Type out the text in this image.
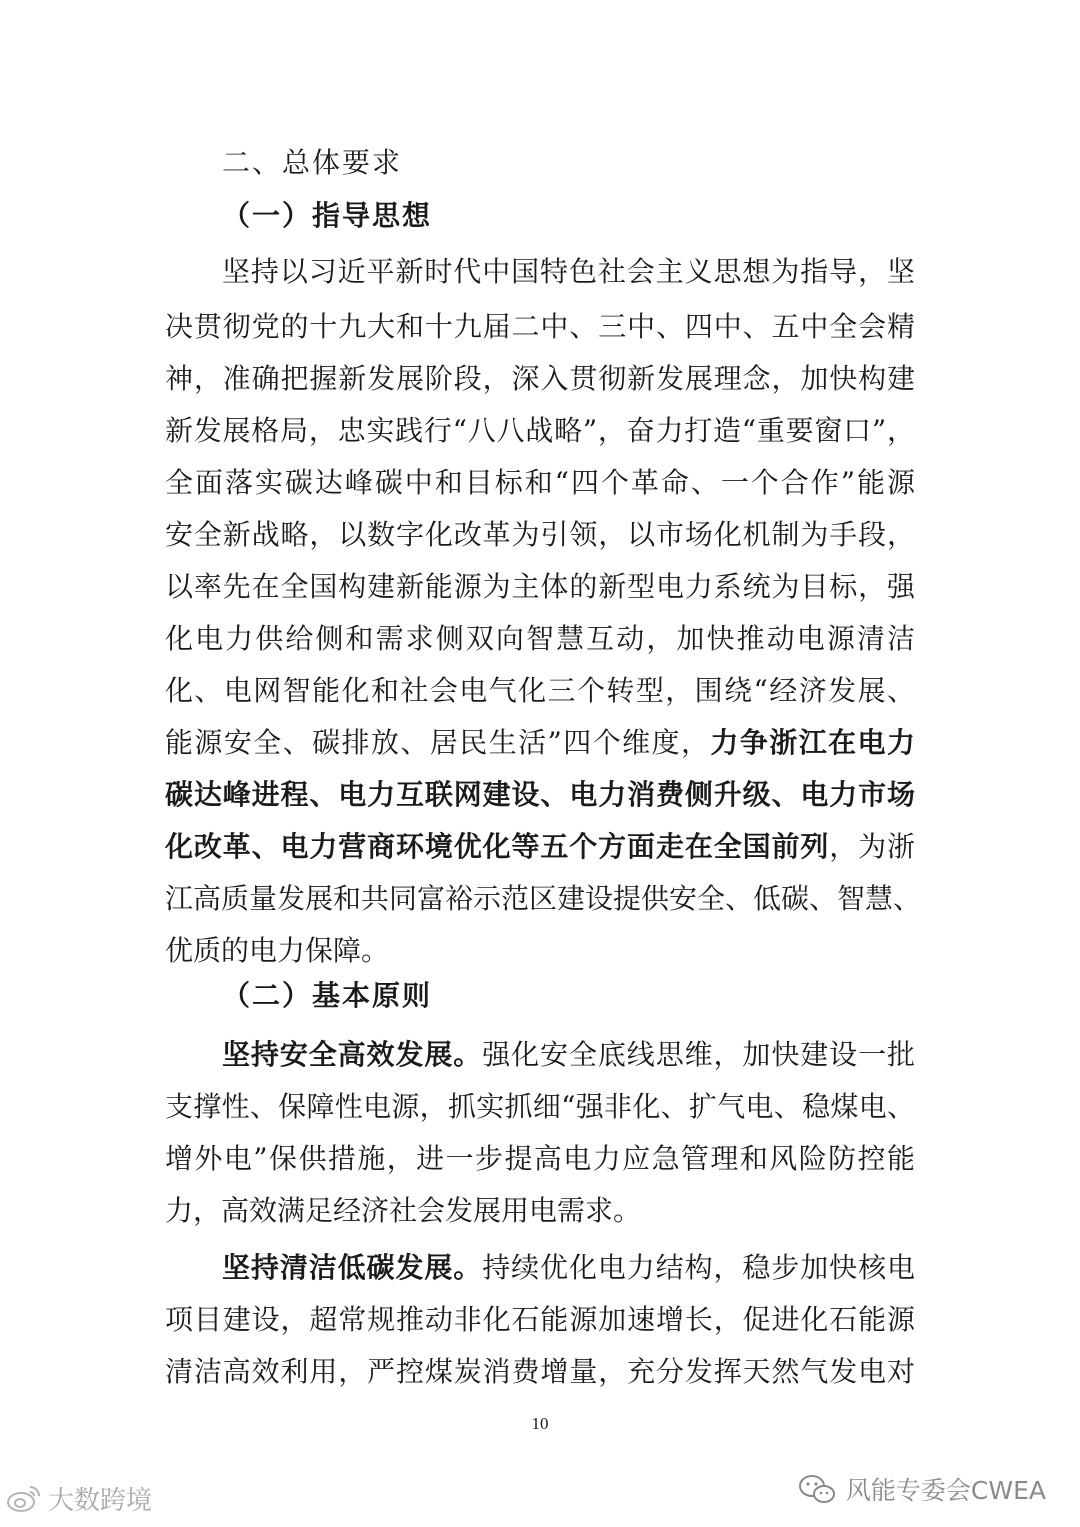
二、总体要求
（一）指导思想
坚持以习近平新时代中国特色社会主义思想为指导，坚
决贯彻党的十九大和十九届二中、三中、四中、五中全会精
神，准确把握新发展阶段，深入贯彻新发展理念，加快构建
新发展格局，忠实践行“八八战略”，奋力打造“重要窗口”，
全面落实碳达峰碳中和目标和“四个革命、一个合作”能源
安全新战略，以数字化改革为引领，以市场化机制为手段，
以率先在全国构建新能源为主体的新型电力系统为目标，强
化电力供给侧和需求侧双向智慧互动，加快推动电源清洁
化、电网智能化和社会电气化三个转型，围绕“经济发展、
能源安全、碳排放、居民生活”四个维度，力争浙江在电力
碳达峰进程、电力互联网建设、电力消费侧升级、电力市场
化改革、电力营商环境优化等五个方面走在全国前列，为浙
江高质量发展和共同富裕示范区建设提供安全、低碳、智慧、
优质的电力保障。
（二）基本原则
坚持安全高效发展。强化安全底线思维，加快建设一批
支撑性、保障性电源，抓实抓细“强非化、扩气电、稳煤电、
增外电”保供措施，进一步提高电力应急管理和风险防控能
力，高效满足经济社会发展用电需求。
坚持清洁低碳发展。持续优化电力结构，稳步加快核电
项目建设，超常规推动非化石能源加速增长，促进化石能源
清洁高效利用，严控煤炭消费增量，充分发挥天然气发电对
10
大数跨境	风能专委会CWEA
